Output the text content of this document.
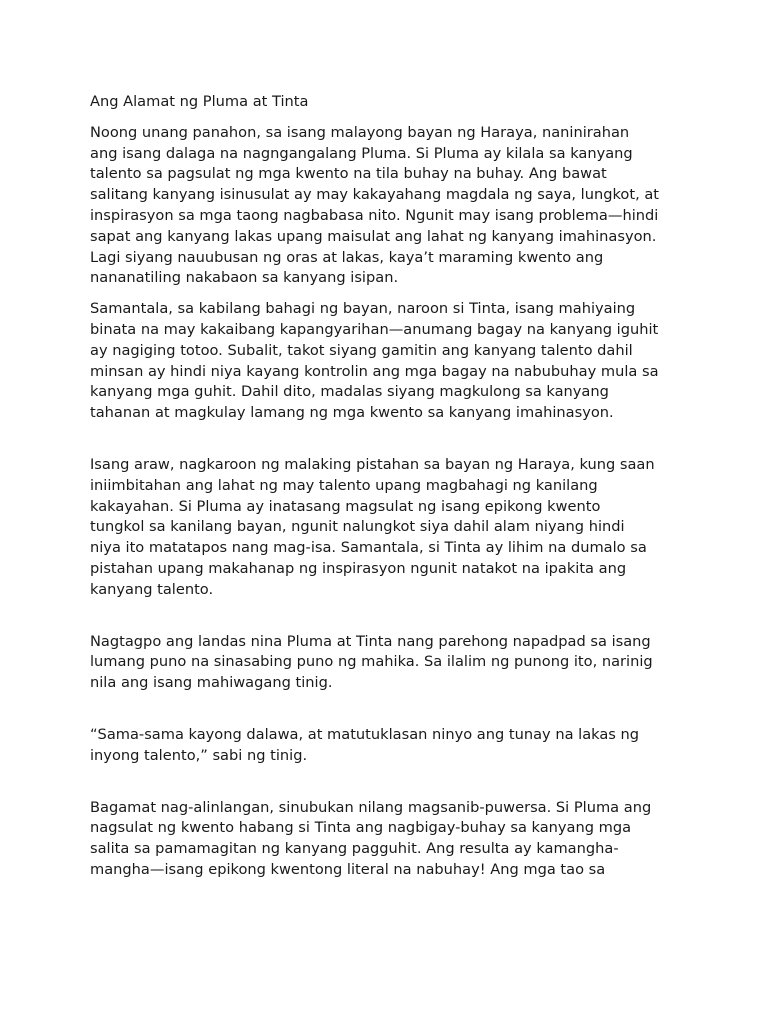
Ang Alamat ng Pluma at Tinta
Noong unang panahon, sa isang malayong bayan ng Haraya, naninirahan
ang isang dalaga na nagngangalang Pluma. Si Pluma ay kilala sa kanyang
talento sa pagsulat ng mga kwento na tila buhay na buhay. Ang bawat
salitang kanyang isinusulat ay may kakayahang magdala ng saya, lungkot, at
inspirasyon sa mga taong nagbabasa nito. Ngunit may isang problema—hindi
sapat ang kanyang lakas upang maisulat ang lahat ng kanyang imahinasyon.
Lagi siyang nauubusan ng oras at lakas, kaya’t maraming kwento ang
nananatiling nakabaon sa kanyang isipan.
Samantala, sa kabilang bahagi ng bayan, naroon si Tinta, isang mahiyaing
binata na may kakaibang kapangyarihan—anumang bagay na kanyang iguhit
ay nagiging totoo. Subalit, takot siyang gamitin ang kanyang talento dahil
minsan ay hindi niya kayang kontrolin ang mga bagay na nabubuhay mula sa
kanyang mga guhit. Dahil dito, madalas siyang magkulong sa kanyang
tahanan at magkulay lamang ng mga kwento sa kanyang imahinasyon.
Isang araw, nagkaroon ng malaking pistahan sa bayan ng Haraya, kung saan
iniimbitahan ang lahat ng may talento upang magbahagi ng kanilang
kakayahan. Si Pluma ay inatasang magsulat ng isang epikong kwento
tungkol sa kanilang bayan, ngunit nalungkot siya dahil alam niyang hindi
niya ito matatapos nang mag-isa. Samantala, si Tinta ay lihim na dumalo sa
pistahan upang makahanap ng inspirasyon ngunit natakot na ipakita ang
kanyang talento.
Nagtagpo ang landas nina Pluma at Tinta nang parehong napadpad sa isang
lumang puno na sinasabing puno ng mahika. Sa ilalim ng punong ito, narinig
nila ang isang mahiwagang tinig.
“Sama-sama kayong dalawa, at matutuklasan ninyo ang tunay na lakas ng
inyong talento,” sabi ng tinig.
Bagamat nag-alinlangan, sinubukan nilang magsanib-puwersa. Si Pluma ang
nagsulat ng kwento habang si Tinta ang nagbigay-buhay sa kanyang mga
salita sa pamamagitan ng kanyang pagguhit. Ang resulta ay kamangha-
mangha—isang epikong kwentong literal na nabuhay! Ang mga tao sa
